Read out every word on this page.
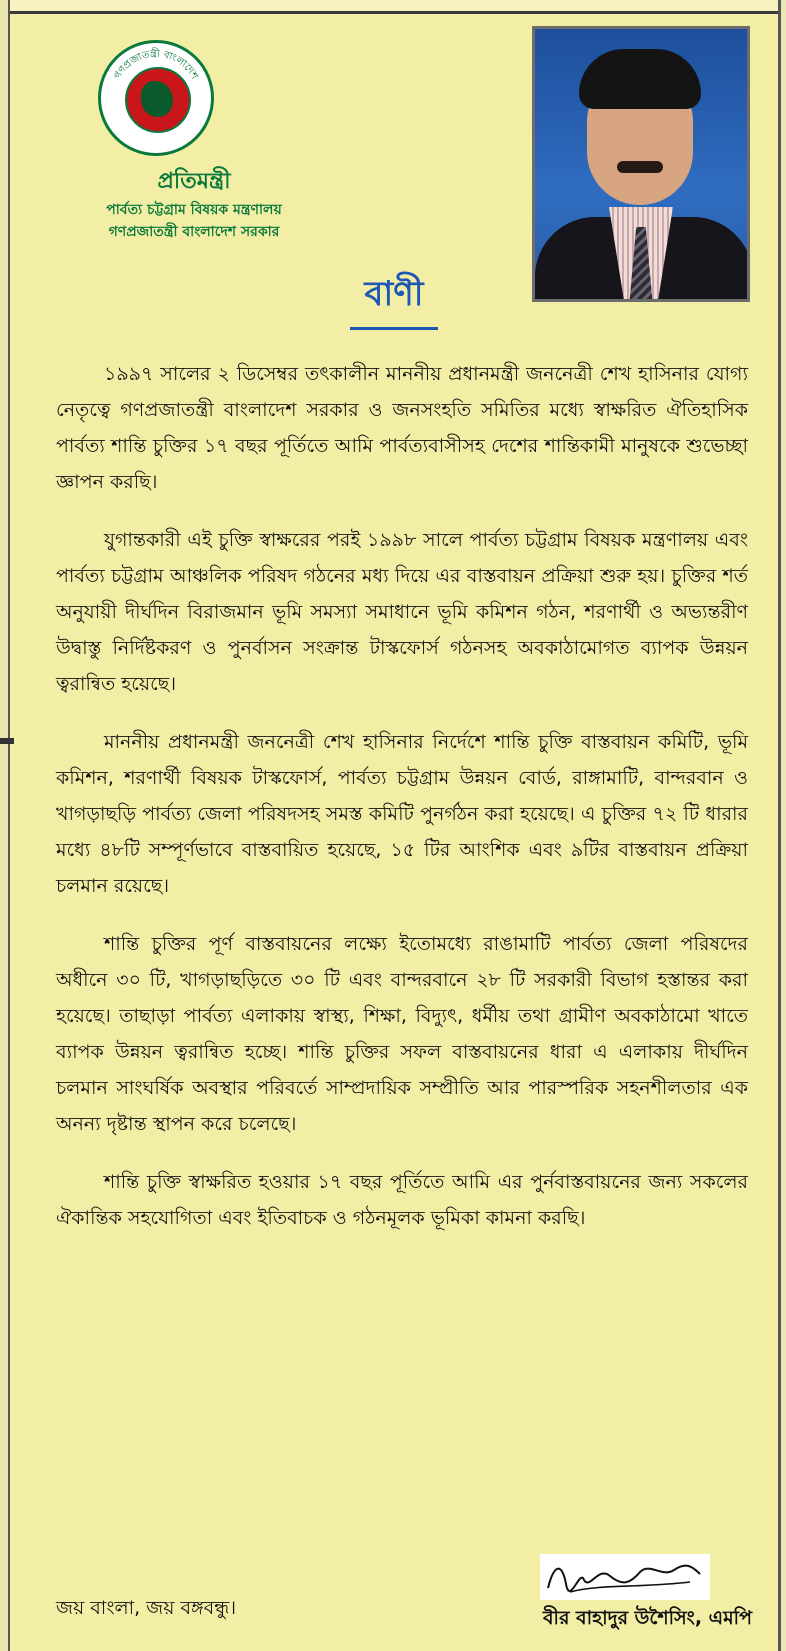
গণপ্রজাতন্ত্রী বাংলাদেশ
প্রতিমন্ত্রী
পার্বত্য চট্টগ্রাম বিষয়ক মন্ত্রণালয়
গণপ্রজাতন্ত্রী বাংলাদেশ সরকার
বাণী

১৯৯৭ সালের ২ ডিসেম্বর তৎকালীন মাননীয় প্রধানমন্ত্রী জননেত্রী শেখ হাসিনার যোগ্য নেতৃত্বে গণপ্রজাতন্ত্রী বাংলাদেশ সরকার ও জনসংহতি সমিতির মধ্যে স্বাক্ষরিত ঐতিহাসিক পার্বত্য শান্তি চুক্তির ১৭ বছর পূর্তিতে আমি পার্বত্যবাসীসহ দেশের শান্তিকামী মানুষকে শুভেচ্ছা জ্ঞাপন করছি।

যুগান্তকারী এই চুক্তি স্বাক্ষরের পরই ১৯৯৮ সালে পার্বত্য চট্টগ্রাম বিষয়ক মন্ত্রণালয় এবং পার্বত্য চট্টগ্রাম আঞ্চলিক পরিষদ গঠনের মধ্য দিয়ে এর বাস্তবায়ন প্রক্রিয়া শুরু হয়। চুক্তির শর্ত অনুযায়ী দীর্ঘদিন বিরাজমান ভূমি সমস্যা সমাধানে ভূমি কমিশন গঠন, শরণার্থী ও অভ্যন্তরীণ উদ্বাস্তু নির্দিষ্টকরণ ও পুনর্বাসন সংক্রান্ত টাস্কফোর্স গঠনসহ অবকাঠামোগত ব্যাপক উন্নয়ন ত্বরান্বিত হয়েছে।

মাননীয় প্রধানমন্ত্রী জননেত্রী শেখ হাসিনার নির্দেশে শান্তি চুক্তি বাস্তবায়ন কমিটি, ভূমি কমিশন, শরণার্থী বিষয়ক টাস্কফোর্স, পার্বত্য চট্টগ্রাম উন্নয়ন বোর্ড, রাঙ্গামাটি, বান্দরবান ও খাগড়াছড়ি পার্বত্য জেলা পরিষদসহ সমস্ত কমিটি পুনর্গঠন করা হয়েছে। এ চুক্তির ৭২ টি ধারার মধ্যে ৪৮টি সম্পূর্ণভাবে বাস্তবায়িত হয়েছে, ১৫ টির আংশিক এবং ৯টির বাস্তবায়ন প্রক্রিয়া চলমান রয়েছে।

শান্তি চুক্তির পূর্ণ বাস্তবায়নের লক্ষ্যে ইতোমধ্যে রাঙামাটি পার্বত্য জেলা পরিষদের অধীনে ৩০ টি, খাগড়াছড়িতে ৩০ টি এবং বান্দরবানে ২৮ টি সরকারী বিভাগ হস্তান্তর করা হয়েছে। তাছাড়া পার্বত্য এলাকায় স্বাস্থ্য, শিক্ষা, বিদ্যুৎ, ধর্মীয় তথা গ্রামীণ অবকাঠামো খাতে ব্যাপক উন্নয়ন ত্বরান্বিত হচ্ছে। শান্তি চুক্তির সফল বাস্তবায়নের ধারা এ এলাকায় দীর্ঘদিন চলমান সাংঘর্ষিক অবস্থার পরিবর্তে সাম্প্রদায়িক সম্প্রীতি আর পারস্পরিক সহনশীলতার এক অনন্য দৃষ্টান্ত স্থাপন করে চলেছে।

শান্তি চুক্তি স্বাক্ষরিত হওয়ার ১৭ বছর পূর্তিতে আমি এর পুর্নবাস্তবায়নের জন্য সকলের ঐকান্তিক সহযোগিতা এবং ইতিবাচক ও গঠনমূলক ভূমিকা কামনা করছি।

জয় বাংলা, জয় বঙ্গবন্ধু।	বীর বাহাদুর উশৈসিং, এমপি
